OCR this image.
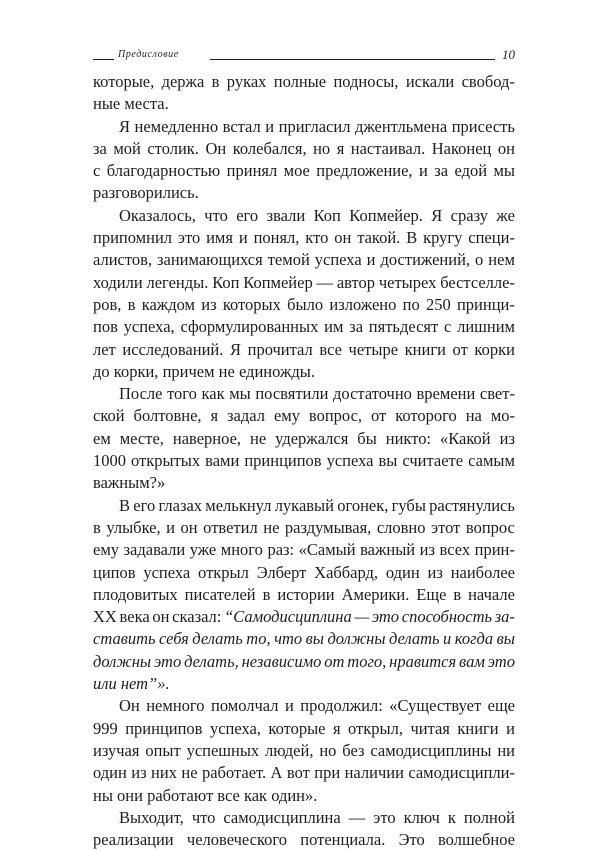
Предисловие	10
которые, держа в руках полные подносы, искали свобод-
ные места.
Я немедленно встал и пригласил джентльмена присесть
за мой столик. Он колебался, но я настаивал. Наконец он
с благодарностью принял мое предложение, и за едой мы
разговорились.
Оказалось, что его звали Коп Копмейер. Я сразу же
припомнил это имя и понял, кто он такой. В кругу специ-
алистов, занимающихся темой успеха и достижений, о нем
ходили легенды. Коп Копмейер — автор четырех бестселле-
ров, в каждом из которых было изложено по 250 принци-
пов успеха, сформулированных им за пятьдесят с лишним
лет исследований. Я прочитал все четыре книги от корки
до корки, причем не единожды.
После того как мы посвятили достаточно времени свет-
ской болтовне, я задал ему вопрос, от которого на мо-
ем месте, наверное, не удержался бы никто: «Какой из
1000 открытых вами принципов успеха вы считаете самым
важным?»
В его глазах мелькнул лукавый огонек, губы растянулись
в улыбке, и он ответил не раздумывая, словно этот вопрос
ему задавали уже много раз: «Самый важный из всех прин-
ципов успеха открыл Элберт Хаббард, один из наиболее
плодовитых писателей в истории Америки. Еще в начале
XX века он сказал: “Самодисциплина — это способность за-
ставить себя делать то, что вы должны делать и когда вы
должны это делать, независимо от того, нравится вам это
или нет”».
Он немного помолчал и продолжил: «Существует еще
999 принципов успеха, которые я открыл, читая книги и
изучая опыт успешных людей, но без самодисциплины ни
один из них не работает. А вот при наличии самодисципли-
ны они работают все как один».
Выходит, что самодисциплина — это ключ к полной
реализации человеческого потенциала. Это волшебное
